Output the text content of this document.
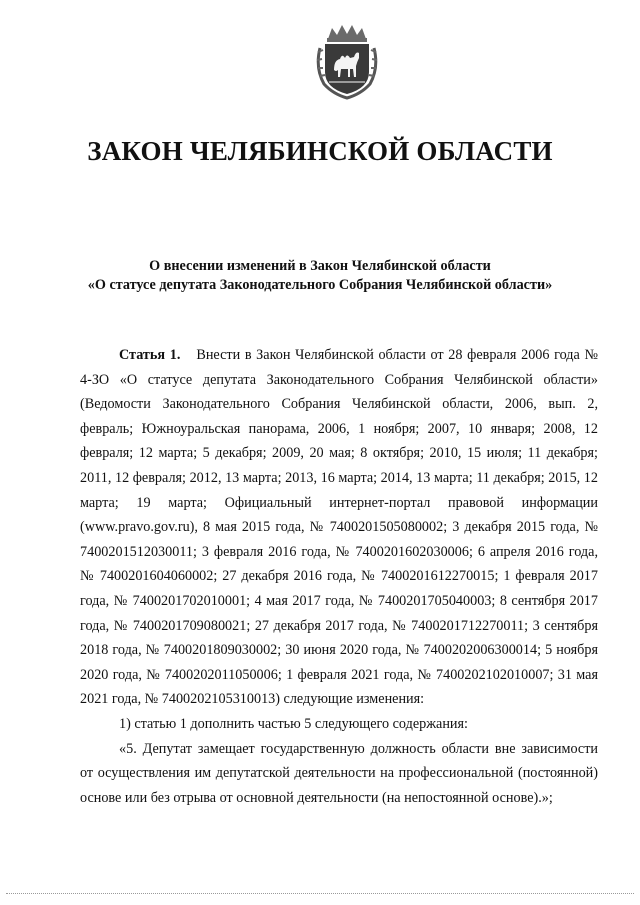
ЗАКОН ЧЕЛЯБИНСКОЙ ОБЛАСТИ
О внесении изменений в Закон Челябинской области
«О статусе депутата Законодательного Собрания Челябинской области»

Статья 1. Внести в Закон Челябинской области от 28 февраля 2006 года № 4-ЗО «О статусе депутата Законодательного Собрания Челябинской области» (Ведомости Законодательного Собрания Челябинской области, 2006, вып. 2, февраль; Южноуральская панорама, 2006, 1 ноября; 2007, 10 января; 2008, 12 февраля; 12 марта; 5 декабря; 2009, 20 мая; 8 октября; 2010, 15 июля; 11 декабря; 2011, 12 февраля; 2012, 13 марта; 2013, 16 марта; 2014, 13 марта; 11 декабря; 2015, 12 марта; 19 марта; Официальный интернет-портал правовой информации (www.pravo.gov.ru), 8 мая 2015 года, № 7400201505080002; 3 декабря 2015 года, № 7400201512030011; 3 февраля 2016 года, № 7400201602030006; 6 апреля 2016 года, № 7400201604060002; 27 декабря 2016 года, № 7400201612270015; 1 февраля 2017 года, № 7400201702010001; 4 мая 2017 года, № 7400201705040003; 8 сентября 2017 года, № 7400201709080021; 27 декабря 2017 года, № 7400201712270011; 3 сентября 2018 года, № 7400201809030002; 30 июня 2020 года, № 7400202006300014; 5 ноября 2020 года, № 7400202011050006; 1 февраля 2021 года, № 7400202102010007; 31 мая 2021 года, № 7400202105310013) следующие изменения:

1) статью 1 дополнить частью 5 следующего содержания:

«5. Депутат замещает государственную должность области вне зависимости от осуществления им депутатской деятельности на профессиональной (постоянной) основе или без отрыва от основной деятельности (на непостоянной основе).»;
